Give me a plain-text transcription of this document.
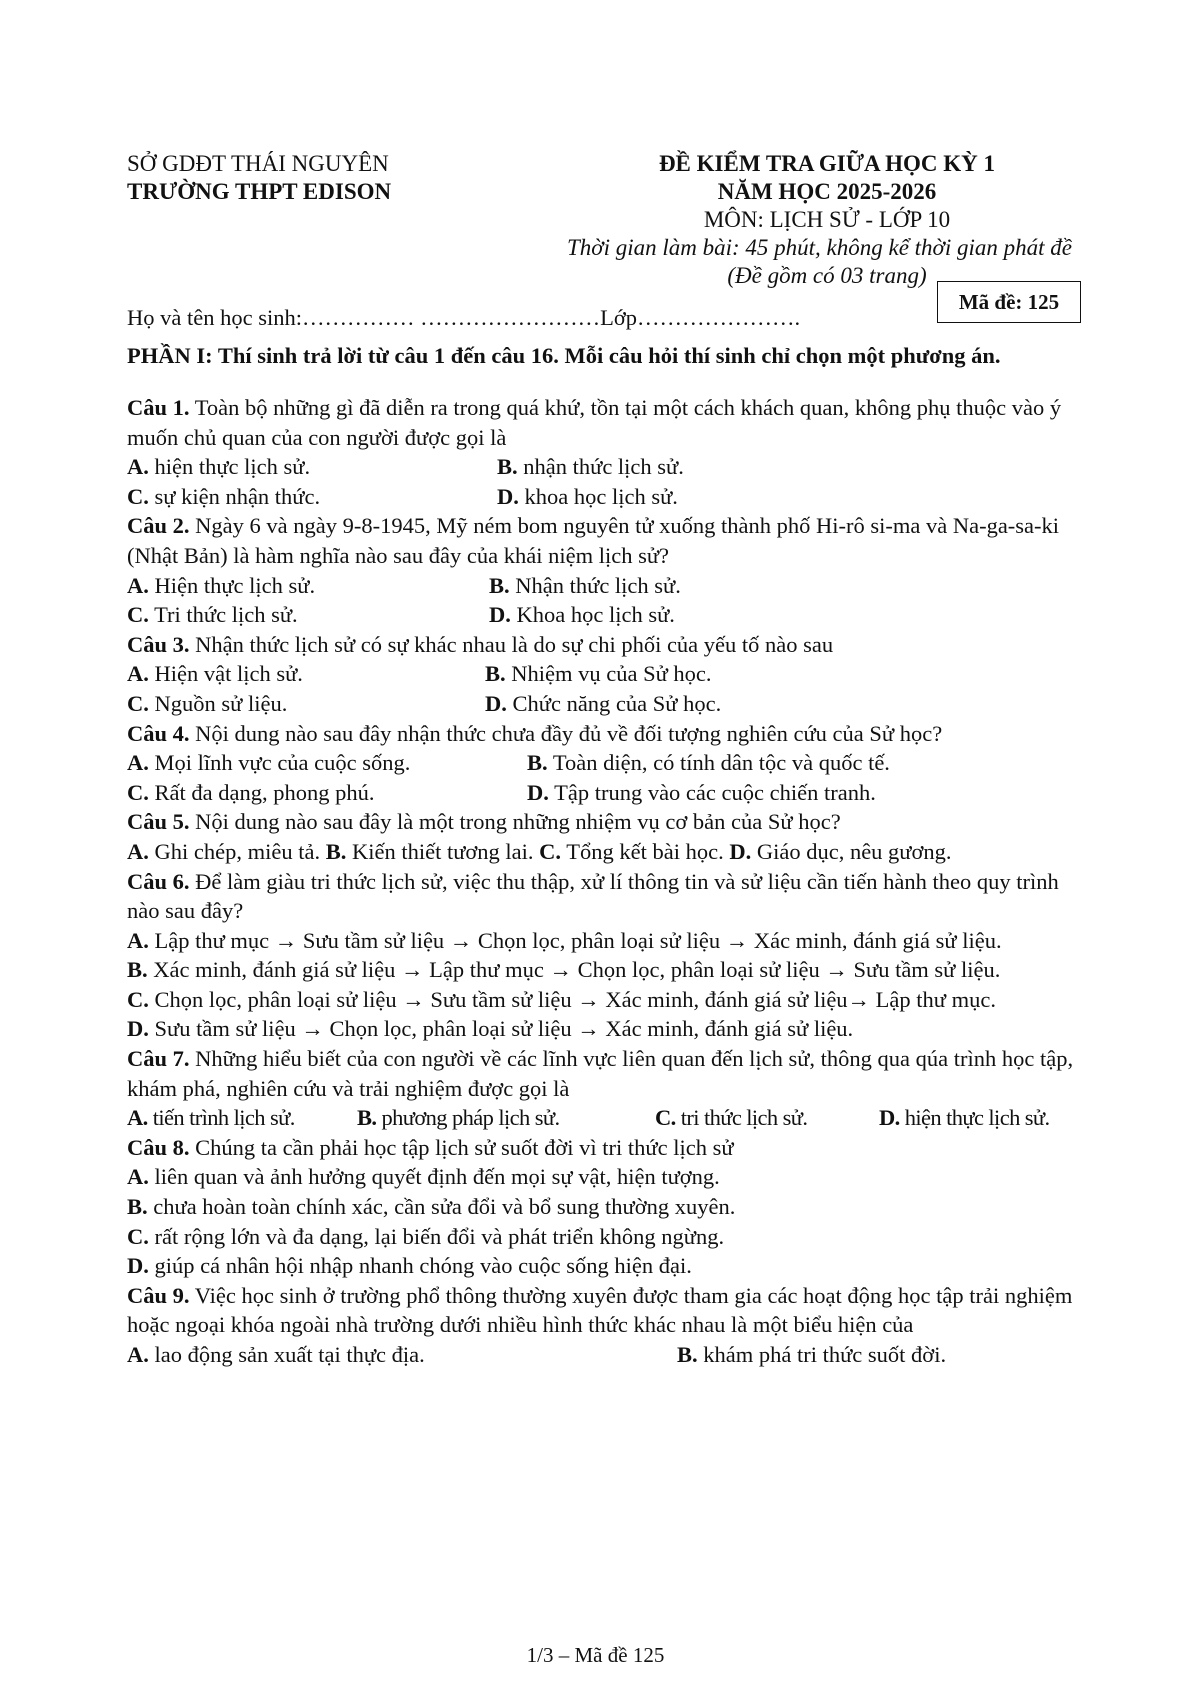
SỞ GDĐT THÁI NGUYÊN
TRƯỜNG THPT EDISON
ĐỀ KIỂM TRA GIỮA HỌC KỲ 1
NĂM HỌC 2025-2026
MÔN: LỊCH SỬ - LỚP 10
Thời gian làm bài: 45 phút, không kể thời gian phát đề
(Đề gồm có 03 trang)
Họ và tên học sinh:…………… ……………………Lớp………………….
Mã đề: 125
PHẦN I: Thí sinh trả lời từ câu 1 đến câu 16. Mỗi câu hỏi thí sinh chỉ chọn một phương án.
Câu 1. Toàn bộ những gì đã diễn ra trong quá khứ, tồn tại một cách khách quan, không phụ thuộc vào ý muốn chủ quan của con người được gọi là
A. hiện thực lịch sử.	B. nhận thức lịch sử.
C. sự kiện nhận thức.	D. khoa học lịch sử.
Câu 2. Ngày 6 và ngày 9-8-1945, Mỹ ném bom nguyên tử xuống thành phố Hi-rô si-ma và Na-ga-sa-ki (Nhật Bản) là hàm nghĩa nào sau đây của khái niệm lịch sử?
A. Hiện thực lịch sử.	B. Nhận thức lịch sử.
C. Tri thức lịch sử.	D. Khoa học lịch sử.
Câu 3. Nhận thức lịch sử có sự khác nhau là do sự chi phối của yếu tố nào sau
A. Hiện vật lịch sử.	B. Nhiệm vụ của Sử học.
C. Nguồn sử liệu.	D. Chức năng của Sử học.
Câu 4. Nội dung nào sau đây nhận thức chưa đầy đủ về đối tượng nghiên cứu của Sử học?
A. Mọi lĩnh vực của cuộc sống.	B. Toàn diện, có tính dân tộc và quốc tế.
C. Rất đa dạng, phong phú.	D. Tập trung vào các cuộc chiến tranh.
Câu 5. Nội dung nào sau đây là một trong những nhiệm vụ cơ bản của Sử học?
A. Ghi chép, miêu tả. B. Kiến thiết tương lai. C. Tổng kết bài học. D. Giáo dục, nêu gương.
Câu 6. Để làm giàu tri thức lịch sử, việc thu thập, xử lí thông tin và sử liệu cần tiến hành theo quy trình nào sau đây?
A. Lập thư mục → Sưu tầm sử liệu → Chọn lọc, phân loại sử liệu → Xác minh, đánh giá sử liệu.
B. Xác minh, đánh giá sử liệu → Lập thư mục → Chọn lọc, phân loại sử liệu → Sưu tầm sử liệu.
C. Chọn lọc, phân loại sử liệu → Sưu tầm sử liệu → Xác minh, đánh giá sử liệu→ Lập thư mục.
D. Sưu tầm sử liệu → Chọn lọc, phân loại sử liệu → Xác minh, đánh giá sử liệu.
Câu 7. Những hiểu biết của con người về các lĩnh vực liên quan đến lịch sử, thông qua qúa trình học tập, khám phá, nghiên cứu và trải nghiệm được gọi là
A. tiến trình lịch sử.	B. phương pháp lịch sử.	C. tri thức lịch sử.	D. hiện thực lịch sử.
Câu 8. Chúng ta cần phải học tập lịch sử suốt đời vì tri thức lịch sử
A. liên quan và ảnh hưởng quyết định đến mọi sự vật, hiện tượng.
B. chưa hoàn toàn chính xác, cần sửa đổi và bổ sung thường xuyên.
C. rất rộng lớn và đa dạng, lại biến đổi và phát triển không ngừng.
D. giúp cá nhân hội nhập nhanh chóng vào cuộc sống hiện đại.
Câu 9. Việc học sinh ở trường phổ thông thường xuyên được tham gia các hoạt động học tập trải nghiệm hoặc ngoại khóa ngoài nhà trường dưới nhiều hình thức khác nhau là một biểu hiện của
A. lao động sản xuất tại thực địa.	B. khám phá tri thức suốt đời.
1/3 – Mã đề 125
